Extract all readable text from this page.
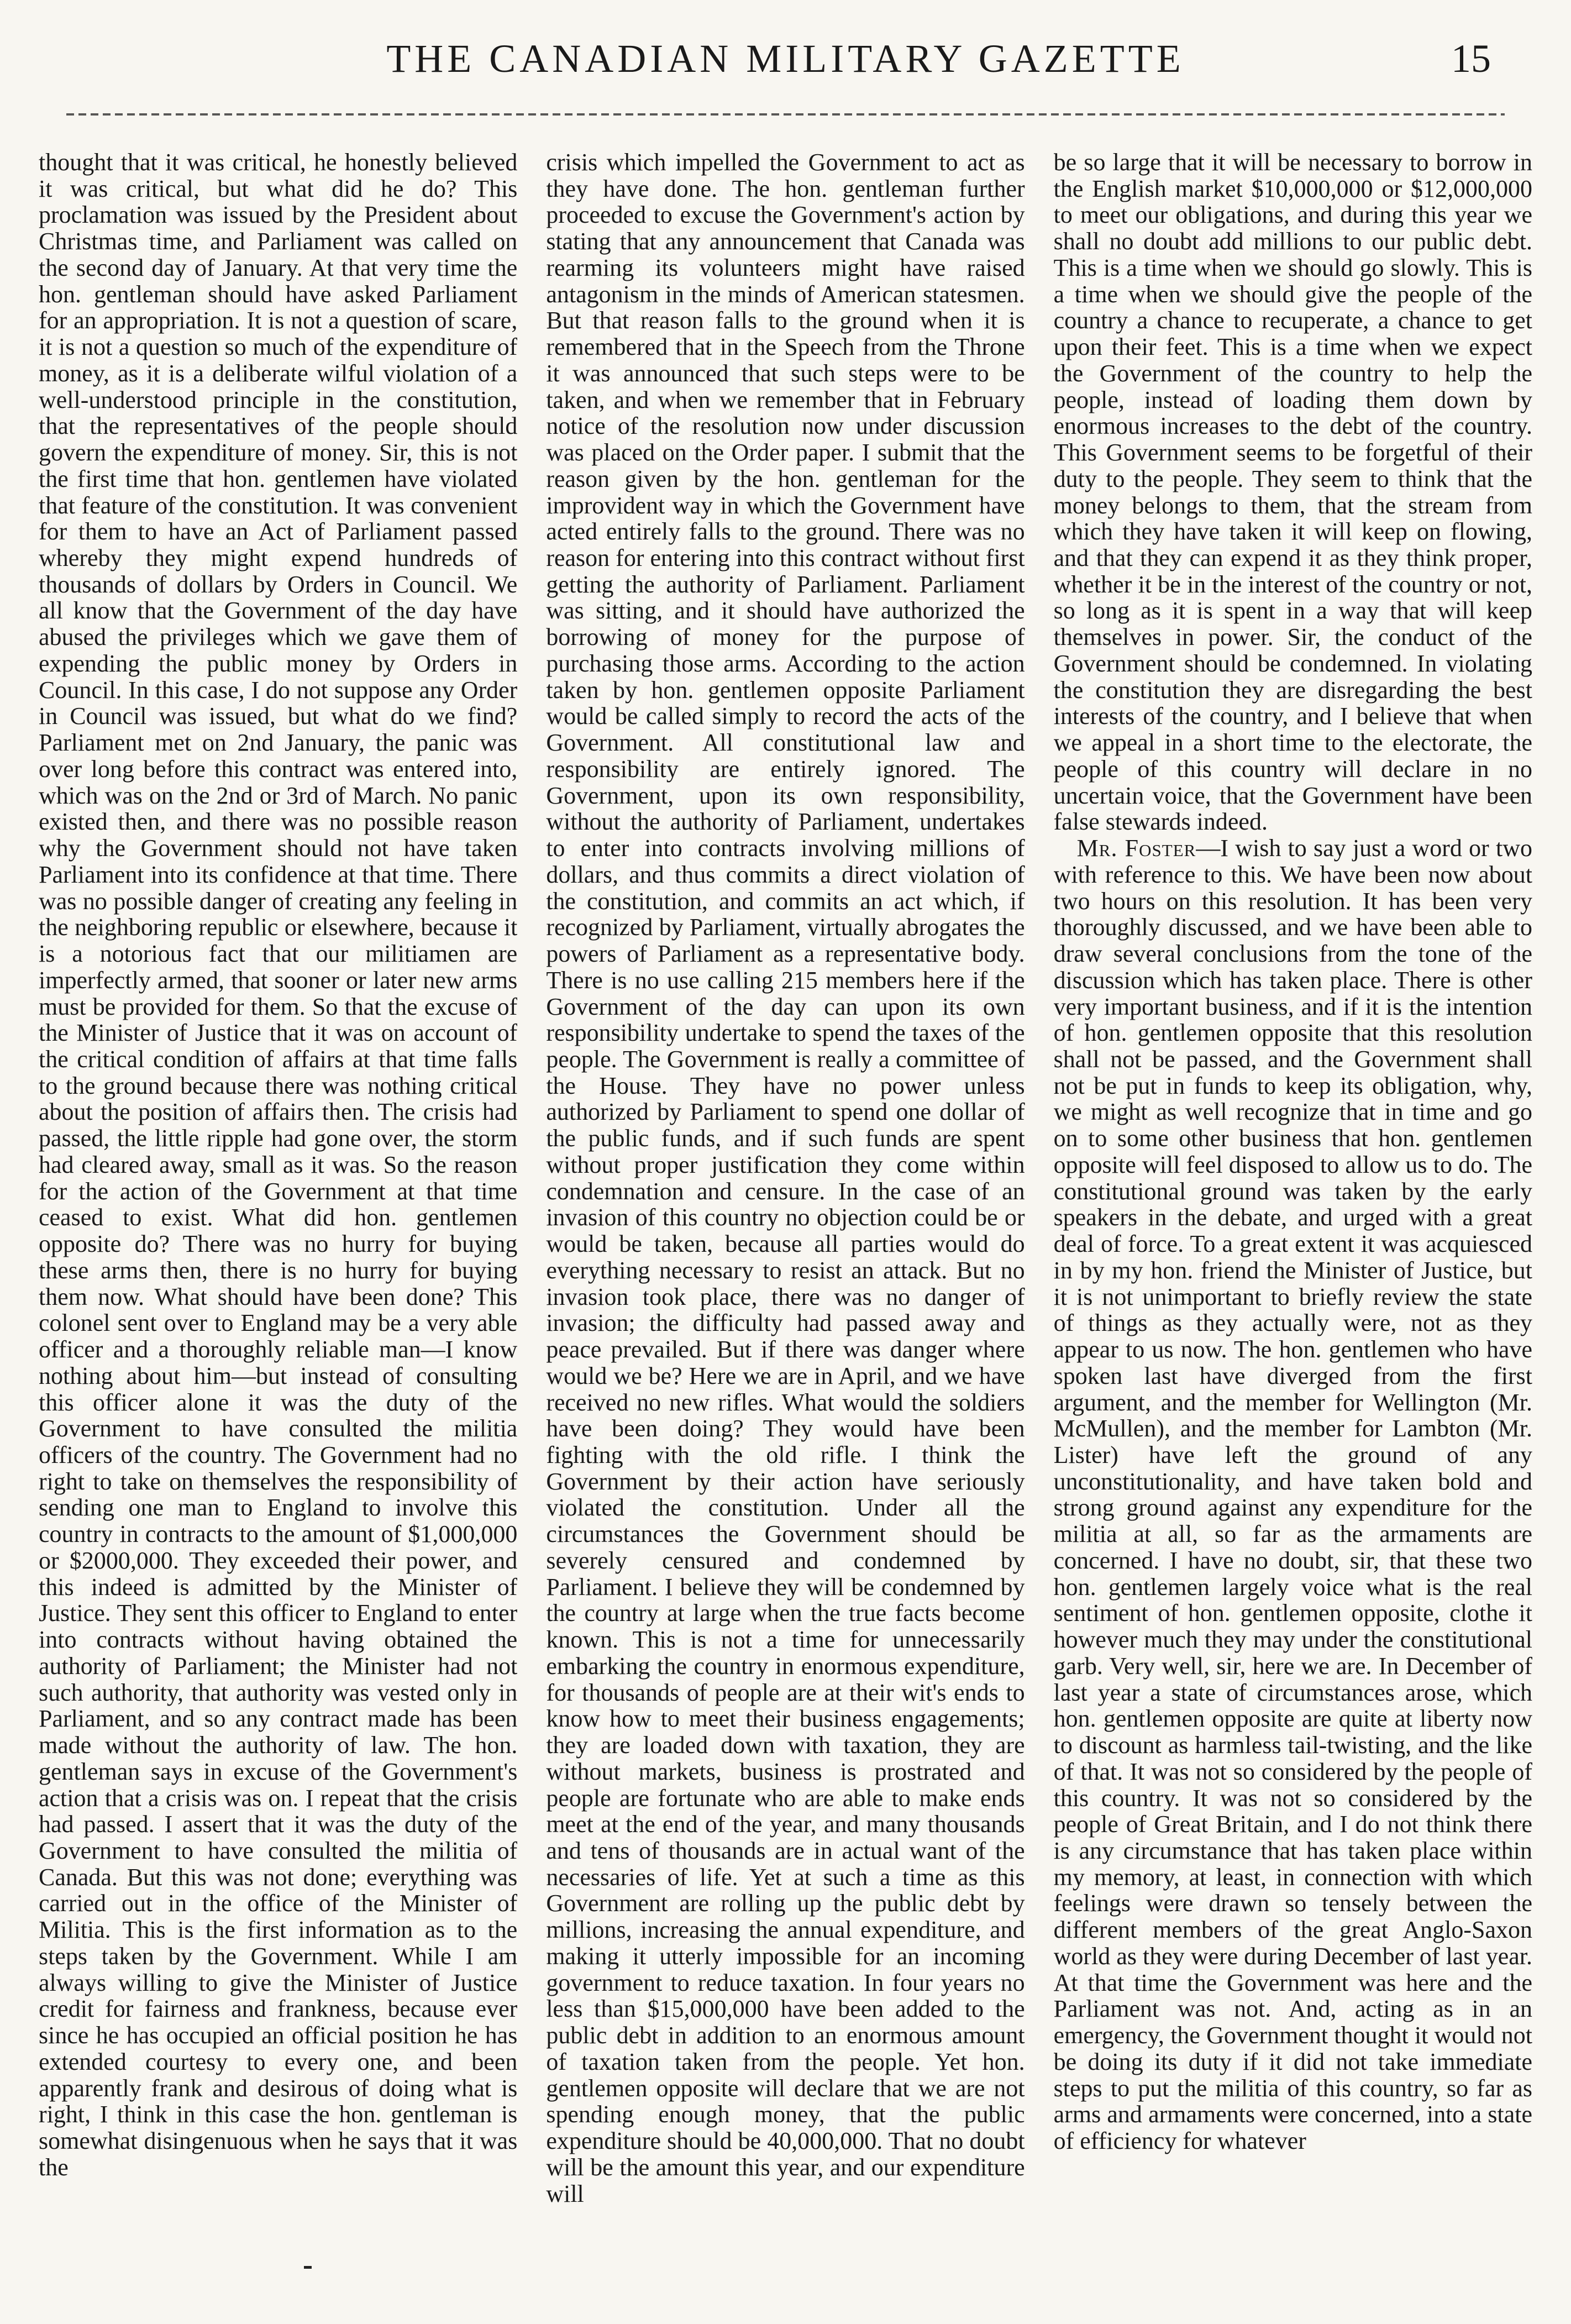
THE CANADIAN MILITARY GAZETTE	15

thought that it was critical, he honestly believed it was critical, but what did he do? This proclamation was issued by the President about Christmas time, and Parliament was called on the second day of January. At that very time the hon. gentleman should have asked Parliament for an appropriation. It is not a question of scare, it is not a question so much of the expenditure of money, as it is a deliberate wilful violation of a well-understood principle in the constitution, that the representatives of the people should govern the expenditure of money. Sir, this is not the first time that hon. gentlemen have violated that feature of the constitution. It was convenient for them to have an Act of Parliament passed whereby they might expend hundreds of thousands of dollars by Orders in Council. We all know that the Government of the day have abused the privileges which we gave them of expending the public money by Orders in Council. In this case, I do not suppose any Order in Council was issued, but what do we find? Parliament met on 2nd January, the panic was over long before this contract was entered into, which was on the 2nd or 3rd of March. No panic existed then, and there was no possible reason why the Government should not have taken Parliament into its confidence at that time. There was no possible danger of creating any feeling in the neighboring republic or elsewhere, because it is a notorious fact that our militiamen are imperfectly armed, that sooner or later new arms must be provided for them. So that the excuse of the Minister of Justice that it was on account of the critical condition of affairs at that time falls to the ground because there was nothing critical about the position of affairs then. The crisis had passed, the little ripple had gone over, the storm had cleared away, small as it was. So the reason for the action of the Government at that time ceased to exist. What did hon. gentlemen opposite do? There was no hurry for buying these arms then, there is no hurry for buying them now. What should have been done? This colonel sent over to England may be a very able officer and a thoroughly reliable man—I know nothing about him—but instead of consulting this officer alone it was the duty of the Government to have consulted the militia officers of the country. The Government had no right to take on themselves the responsibility of sending one man to England to involve this country in contracts to the amount of $1,000,000 or $2000,000. They exceeded their power, and this indeed is admitted by the Minister of Justice. They sent this officer to England to enter into contracts without having obtained the authority of Parliament; the Minister had not such authority, that authority was vested only in Parliament, and so any contract made has been made without the authority of law. The hon. gentleman says in excuse of the Government's action that a crisis was on. I repeat that the crisis had passed. I assert that it was the duty of the Government to have consulted the militia of Canada. But this was not done; everything was carried out in the office of the Minister of Militia. This is the first information as to the steps taken by the Government. While I am always willing to give the Minister of Justice credit for fairness and frankness, because ever since he has occupied an official position he has extended courtesy to every one, and been apparently frank and desirous of doing what is right, I think in this case the hon. gentleman is somewhat disingenuous when he says that it was the

crisis which impelled the Government to act as they have done. The hon. gentleman further proceeded to excuse the Government's action by stating that any announcement that Canada was rearming its volunteers might have raised antagonism in the minds of American statesmen. But that reason falls to the ground when it is remembered that in the Speech from the Throne it was announced that such steps were to be taken, and when we remember that in February notice of the resolution now under discussion was placed on the Order paper. I submit that the reason given by the hon. gentleman for the improvident way in which the Government have acted entirely falls to the ground. There was no reason for entering into this contract without first getting the authority of Parliament. Parliament was sitting, and it should have authorized the borrowing of money for the purpose of purchasing those arms. According to the action taken by hon. gentlemen opposite Parliament would be called simply to record the acts of the Government. All constitutional law and responsibility are entirely ignored. The Government, upon its own responsibility, without the authority of Parliament, undertakes to enter into contracts involving millions of dollars, and thus commits a direct violation of the constitution, and commits an act which, if recognized by Parliament, virtually abrogates the powers of Parliament as a representative body. There is no use calling 215 members here if the Government of the day can upon its own responsibility undertake to spend the taxes of the people. The Government is really a committee of the House. They have no power unless authorized by Parliament to spend one dollar of the public funds, and if such funds are spent without proper justification they come within condemnation and censure. In the case of an invasion of this country no objection could be or would be taken, because all parties would do everything necessary to resist an attack. But no invasion took place, there was no danger of invasion; the difficulty had passed away and peace prevailed. But if there was danger where would we be? Here we are in April, and we have received no new rifles. What would the soldiers have been doing? They would have been fighting with the old rifle. I think the Government by their action have seriously violated the constitution. Under all the circumstances the Government should be severely censured and condemned by Parliament. I believe they will be condemned by the country at large when the true facts become known. This is not a time for unnecessarily embarking the country in enormous expenditure, for thousands of people are at their wit's ends to know how to meet their business engagements; they are loaded down with taxation, they are without markets, business is prostrated and people are fortunate who are able to make ends meet at the end of the year, and many thousands and tens of thousands are in actual want of the necessaries of life. Yet at such a time as this Government are rolling up the public debt by millions, increasing the annual expenditure, and making it utterly impossible for an incoming government to reduce taxation. In four years no less than $15,000,000 have been added to the public debt in addition to an enormous amount of taxation taken from the people. Yet hon. gentlemen opposite will declare that we are not spending enough money, that the public expenditure should be 40,000,000. That no doubt will be the amount this year, and our expenditure will

be so large that it will be necessary to borrow in the English market $10,000,000 or $12,000,000 to meet our obligations, and during this year we shall no doubt add millions to our public debt. This is a time when we should go slowly. This is a time when we should give the people of the country a chance to recuperate, a chance to get upon their feet. This is a time when we expect the Government of the country to help the people, instead of loading them down by enormous increases to the debt of the country. This Government seems to be forgetful of their duty to the people. They seem to think that the money belongs to them, that the stream from which they have taken it will keep on flowing, and that they can expend it as they think proper, whether it be in the interest of the country or not, so long as it is spent in a way that will keep themselves in power. Sir, the conduct of the Government should be condemned. In violating the constitution they are disregarding the best interests of the country, and I believe that when we appeal in a short time to the electorate, the people of this country will declare in no uncertain voice, that the Government have been false stewards indeed.

Mr. Foster—I wish to say just a word or two with reference to this. We have been now about two hours on this resolution. It has been very thoroughly discussed, and we have been able to draw several conclusions from the tone of the discussion which has taken place. There is other very important business, and if it is the intention of hon. gentlemen opposite that this resolution shall not be passed, and the Government shall not be put in funds to keep its obligation, why, we might as well recognize that in time and go on to some other business that hon. gentlemen opposite will feel disposed to allow us to do. The constitutional ground was taken by the early speakers in the debate, and urged with a great deal of force. To a great extent it was acquiesced in by my hon. friend the Minister of Justice, but it is not unimportant to briefly review the state of things as they actually were, not as they appear to us now. The hon. gentlemen who have spoken last have diverged from the first argument, and the member for Wellington (Mr. McMullen), and the member for Lambton (Mr. Lister) have left the ground of any unconstitutionality, and have taken bold and strong ground against any expenditure for the militia at all, so far as the armaments are concerned. I have no doubt, sir, that these two hon. gentlemen largely voice what is the real sentiment of hon. gentlemen opposite, clothe it however much they may under the constitutional garb. Very well, sir, here we are. In December of last year a state of circumstances arose, which hon. gentlemen opposite are quite at liberty now to discount as harmless tail-twisting, and the like of that. It was not so considered by the people of this country. It was not so considered by the people of Great Britain, and I do not think there is any circumstance that has taken place within my memory, at least, in connection with which feelings were drawn so tensely between the different members of the great Anglo-Saxon world as they were during December of last year. At that time the Government was here and the Parliament was not. And, acting as in an emergency, the Government thought it would not be doing its duty if it did not take immediate steps to put the militia of this country, so far as arms and armaments were concerned, into a state of efficiency for whatever
